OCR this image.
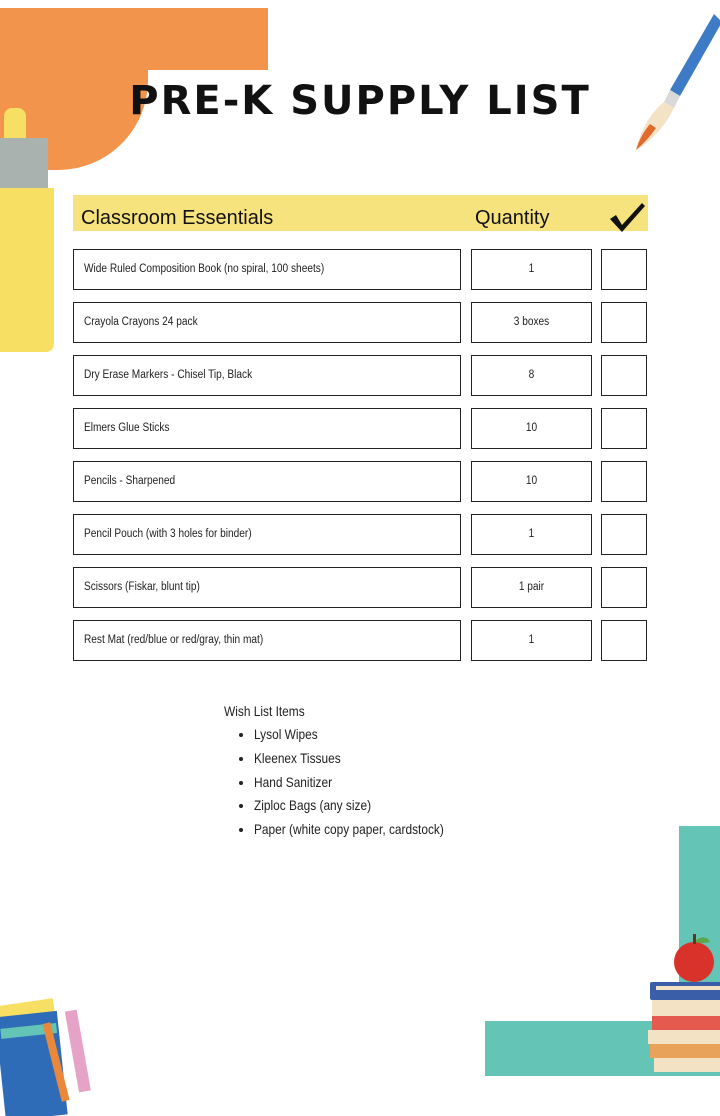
PRE-K SUPPLY LIST
Classroom Essentials	Quantity
Wide Ruled Composition Book (no spiral, 100 sheets)	1
Crayola Crayons 24 pack	3 boxes
Dry Erase Markers - Chisel Tip, Black	8
Elmers Glue Sticks	10
Pencils - Sharpened	10
Pencil Pouch (with 3 holes for binder)	1
Scissors (Fiskar, blunt tip)	1 pair
Rest Mat (red/blue or red/gray, thin mat)	1
Wish List Items
• Lysol Wipes
• Kleenex Tissues
• Hand Sanitizer
• Ziploc Bags (any size)
• Paper (white copy paper, cardstock)
